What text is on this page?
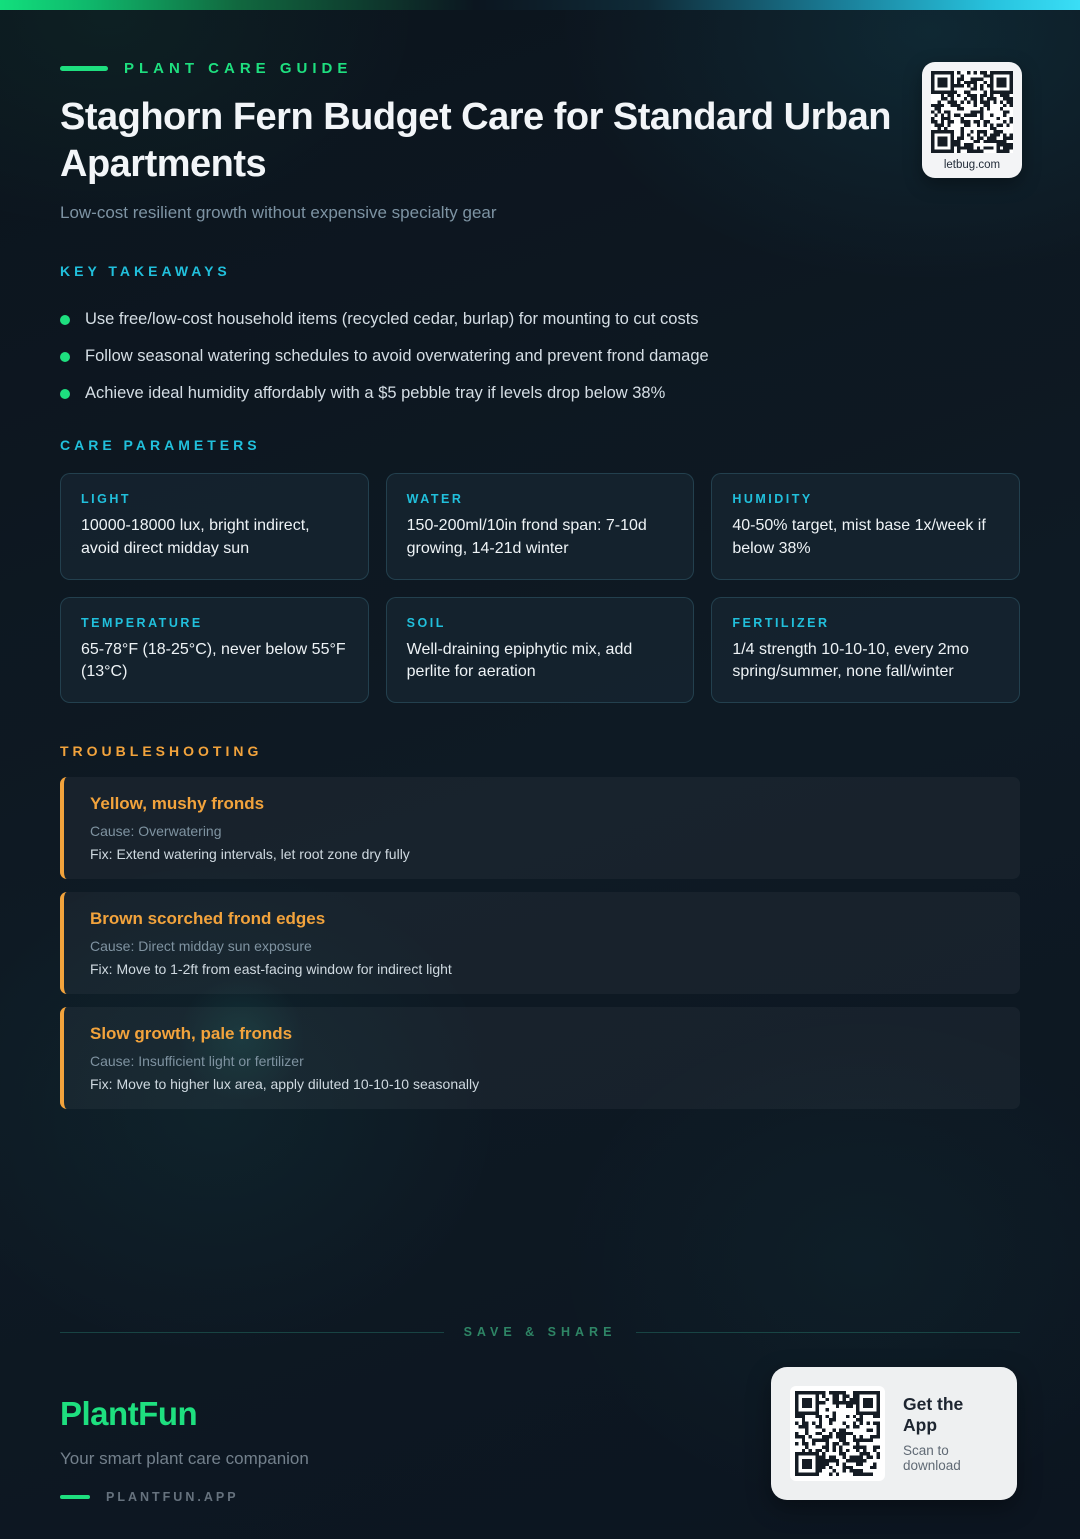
PLANT CARE GUIDE
Staghorn Fern Budget Care for Standard Urban Apartments

Low-cost resilient growth without expensive specialty gear

KEY TAKEAWAYS
Use free/low-cost household items (recycled cedar, burlap) for mounting to cut costs
Follow seasonal watering schedules to avoid overwatering and prevent frond damage
Achieve ideal humidity affordably with a $5 pebble tray if levels drop below 38%
CARE PARAMETERS
LIGHT
10000-18000 lux, bright indirect, avoid direct midday sun
WATER
150-200ml/10in frond span: 7-10d growing, 14-21d winter
HUMIDITY
40-50% target, mist base 1x/week if below 38%
TEMPERATURE
65-78°F (18-25°C), never below 55°F (13°C)
SOIL
Well-draining epiphytic mix, add perlite for aeration
FERTILIZER
1/4 strength 10-10-10, every 2mo spring/summer, none fall/winter
TROUBLESHOOTING
Yellow, mushy fronds
Cause: Overwatering
Fix: Extend watering intervals, let root zone dry fully
Brown scorched frond edges
Cause: Direct midday sun exposure
Fix: Move to 1-2ft from east-facing window for indirect light
Slow growth, pale fronds
Cause: Insufficient light or fertilizer
Fix: Move to higher lux area, apply diluted 10-10-10 seasonally
letbug.com
SAVE & SHARE
PlantFun
Your smart plant care companion
PLANTFUN.APP
Get the App
Scan to download
